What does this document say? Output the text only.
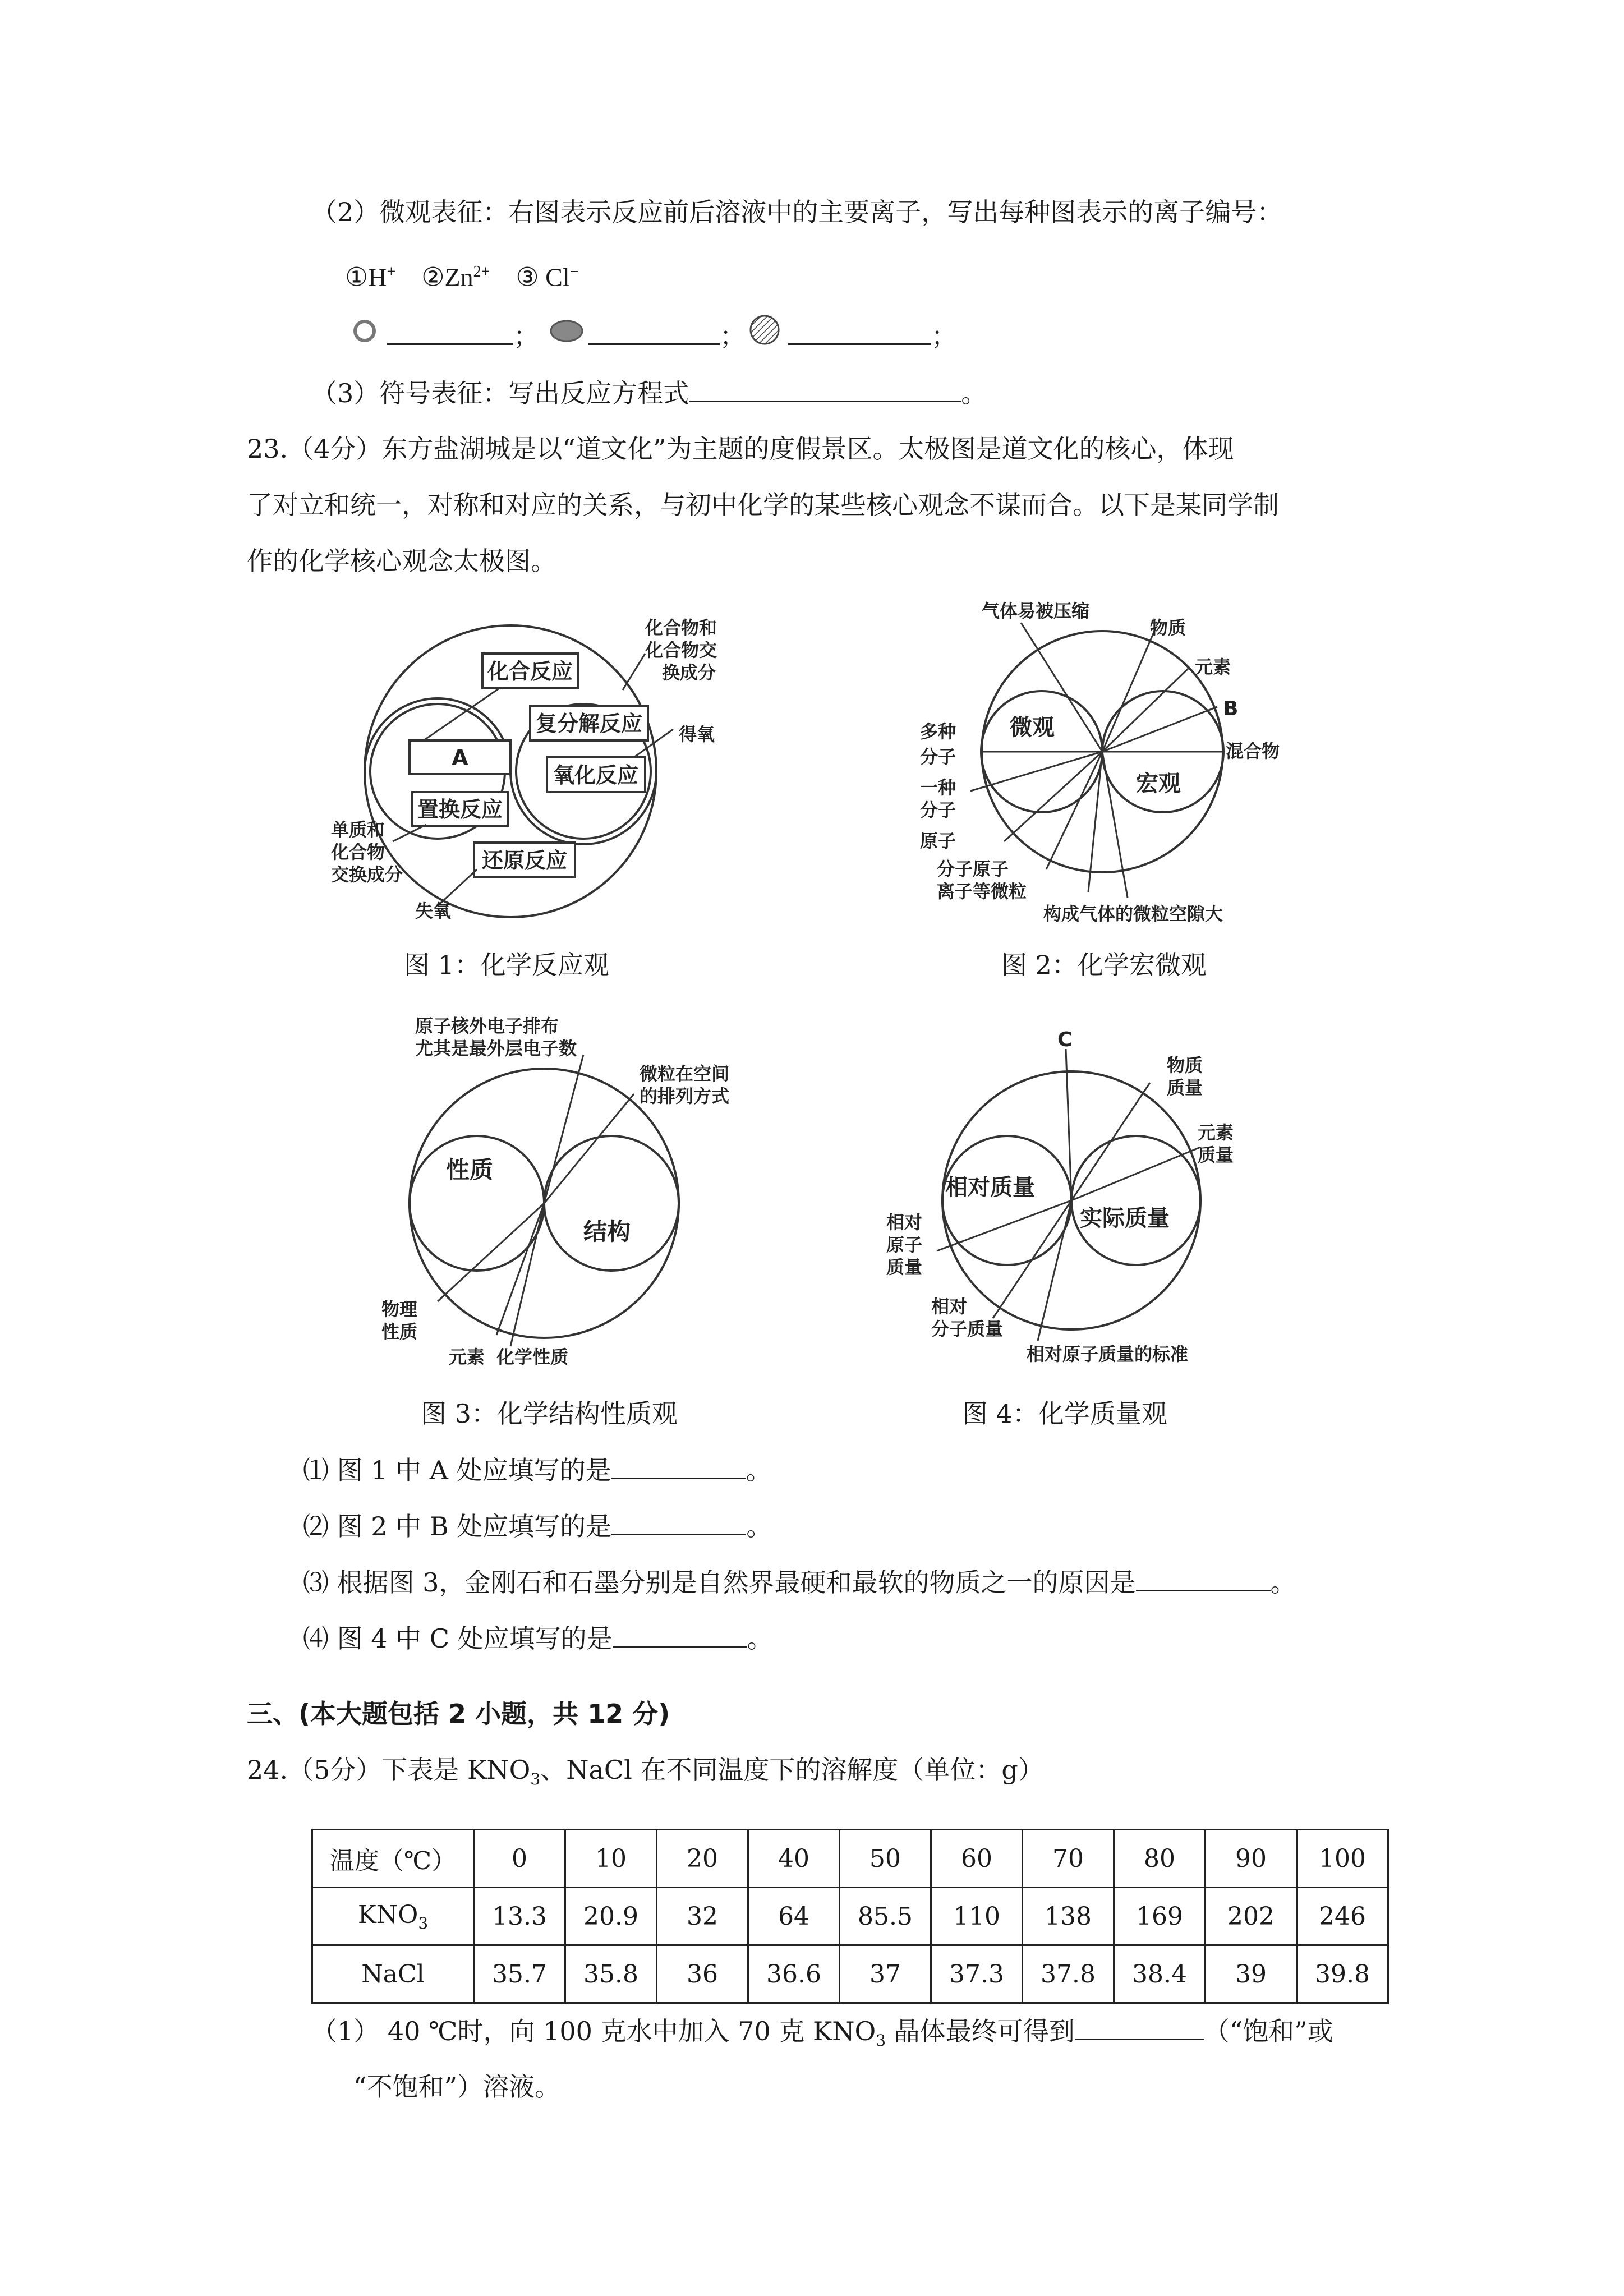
（2）微观表征：右图表示反应前后溶液中的主要离子，写出每种图表示的离子编号：
①H+ $②Zn^{2+}$ ③ Cl−
；	；	；
（3）符号表征：写出反应方程式	。
23.（4分）东方盐湖城是以“道文化”为主题的度假景区。太极图是道文化的核心，体现
了对立和统一，对称和对应的关系，与初中化学的某些核心观念不谋而合。以下是某同学制
作的化学核心观念太极图。
化合反应
A
复分解反应
氧化反应
置换反应
还原反应
化合物和
化合物交
换成分
得氧
单质和
化合物
交换成分
失氧
图 1：化学反应观
气体易被压缩
物质
元素
B
混合物
多种
分子
微观
宏观
一种
分子
原子
分子原子
离子等微粒
构成气体的微粒空隙大
图 2：化学宏微观
原子核外电子排布
尤其是最外层电子数
微粒在空间
的排列方式
性质
结构
物理
性质
元素 化学性质
图 3：化学结构性质观
C
物质
质量
元素
质量
相对质量
实际质量
相对
原子
质量
相对
分子质量
相对原子质量的标准
图 4：化学质量观
⑴ 图 1 中 A 处应填写的是	。
⑵ 图 2 中 B 处应填写的是	。
⑶ 根据图 3，金刚石和石墨分别是自然界最硬和最软的物质之一的原因是	。
⑷ 图 4 中 C 处应填写的是	。
三、(本大题包括 2 小题，共 12 分)
24.（5分）下表是 $KNO_3$、NaCl 在不同温度下的溶解度（单位：g）
温度（℃）	0	10	20	40	50	60	70	80	90	100
$KNO_3$	13.3	20.9	32	64	85.5	110	138	169	202	246
NaCl	35.7	35.8	36	36.6	37	37.3	37.8	38.4	39	39.8
（1） 40 ℃时，向 100 克水中加入 70 克 $KNO_3$ 晶体最终可得到	（“饱和”或
“不饱和”）溶液。
